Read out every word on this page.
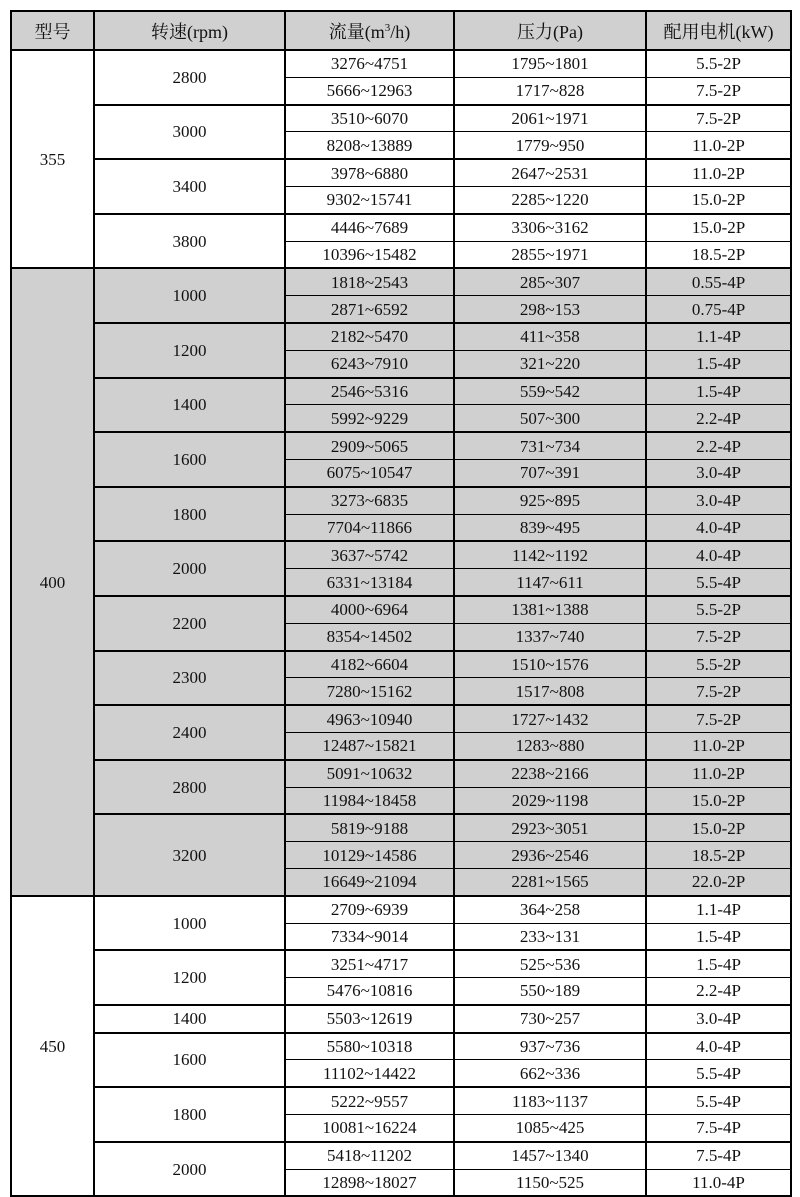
型号	转速(rpm)	流量$(m^3/h)$	压力(Pa)	配用电机(kW)
355	2800	3276~4751	1795~1801	5.5-2P
		5666~12963	1717~828	7.5-2P
	3000	3510~6070	2061~1971	7.5-2P
		8208~13889	1779~950	11.0-2P
	3400	3978~6880	2647~2531	11.0-2P
		9302~15741	2285~1220	15.0-2P
	3800	4446~7689	3306~3162	15.0-2P
		10396~15482	2855~1971	18.5-2P
400	1000	1818~2543	285~307	0.55-4P
		2871~6592	298~153	0.75-4P
	1200	2182~5470	411~358	1.1-4P
		6243~7910	321~220	1.5-4P
	1400	2546~5316	559~542	1.5-4P
		5992~9229	507~300	2.2-4P
	1600	2909~5065	731~734	2.2-4P
		6075~10547	707~391	3.0-4P
	1800	3273~6835	925~895	3.0-4P
		7704~11866	839~495	4.0-4P
	2000	3637~5742	1142~1192	4.0-4P
		6331~13184	1147~611	5.5-4P
	2200	4000~6964	1381~1388	5.5-2P
		8354~14502	1337~740	7.5-2P
	2300	4182~6604	1510~1576	5.5-2P
		7280~15162	1517~808	7.5-2P
	2400	4963~10940	1727~1432	7.5-2P
		12487~15821	1283~880	11.0-2P
	2800	5091~10632	2238~2166	11.0-2P
		11984~18458	2029~1198	15.0-2P
	3200	5819~9188	2923~3051	15.0-2P
		10129~14586	2936~2546	18.5-2P
		16649~21094	2281~1565	22.0-2P
450	1000	2709~6939	364~258	1.1-4P
		7334~9014	233~131	1.5-4P
	1200	3251~4717	525~536	1.5-4P
		5476~10816	550~189	2.2-4P
	1400	5503~12619	730~257	3.0-4P
	1600	5580~10318	937~736	4.0-4P
		11102~14422	662~336	5.5-4P
	1800	5222~9557	1183~1137	5.5-4P
		10081~16224	1085~425	7.5-4P
	2000	5418~11202	1457~1340	7.5-4P
		12898~18027	1150~525	11.0-4P
